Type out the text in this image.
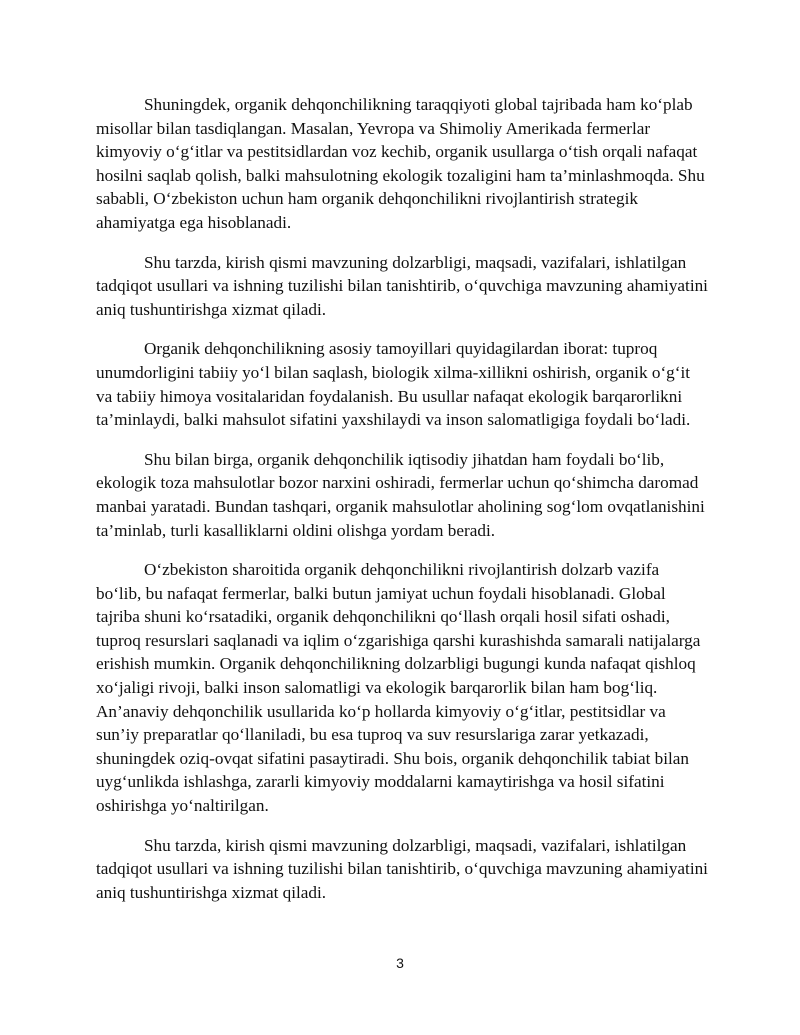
Shuningdek, organik dehqonchilikning taraqqiyoti global tajribada ham ko‘plab misollar bilan tasdiqlangan. Masalan, Yevropa va Shimoliy Amerikada fermerlar kimyoviy o‘g‘itlar va pestitsidlardan voz kechib, organik usullarga o‘tish orqali nafaqat hosilni saqlab qolish, balki mahsulotning ekologik tozaligini ham ta’minlashmoqda. Shu sababli, O‘zbekiston uchun ham organik dehqonchilikni rivojlantirish strategik ahamiyatga ega hisoblanadi.

Shu tarzda, kirish qismi mavzuning dolzarbligi, maqsadi, vazifalari, ishlatilgan tadqiqot usullari va ishning tuzilishi bilan tanishtirib, o‘quvchiga mavzuning ahamiyatini aniq tushuntirishga xizmat qiladi.

Organik dehqonchilikning asosiy tamoyillari quyidagilardan iborat: tuproq unumdorligini tabiiy yo‘l bilan saqlash, biologik xilma-xillikni oshirish, organik o‘g‘it va tabiiy himoya vositalaridan foydalanish. Bu usullar nafaqat ekologik barqarorlikni ta’minlaydi, balki mahsulot sifatini yaxshilaydi va inson salomatligiga foydali bo‘ladi.

Shu bilan birga, organik dehqonchilik iqtisodiy jihatdan ham foydali bo‘lib, ekologik toza mahsulotlar bozor narxini oshiradi, fermerlar uchun qo‘shimcha daromad manbai yaratadi. Bundan tashqari, organik mahsulotlar aholining sog‘lom ovqatlanishini ta’minlab, turli kasalliklarni oldini olishga yordam beradi.

O‘zbekiston sharoitida organik dehqonchilikni rivojlantirish dolzarb vazifa bo‘lib, bu nafaqat fermerlar, balki butun jamiyat uchun foydali hisoblanadi. Global tajriba shuni ko‘rsatadiki, organik dehqonchilikni qo‘llash orqali hosil sifati oshadi, tuproq resurslari saqlanadi va iqlim o‘zgarishiga qarshi kurashishda samarali natijalarga erishish mumkin. Organik dehqonchilikning dolzarbligi bugungi kunda nafaqat qishloq xo‘jaligi rivoji, balki inson salomatligi va ekologik barqarorlik bilan ham bog‘liq. An’anaviy dehqonchilik usullarida ko‘p hollarda kimyoviy o‘g‘itlar, pestitsidlar va sun’iy preparatlar qo‘llaniladi, bu esa tuproq va suv resurslariga zarar yetkazadi, shuningdek oziq-ovqat sifatini pasaytiradi. Shu bois, organik dehqonchilik tabiat bilan uyg‘unlikda ishlashga, zararli kimyoviy moddalarni kamaytirishga va hosil sifatini oshirishga yo‘naltirilgan.

Shu tarzda, kirish qismi mavzuning dolzarbligi, maqsadi, vazifalari, ishlatilgan tadqiqot usullari va ishning tuzilishi bilan tanishtirib, o‘quvchiga mavzuning ahamiyatini aniq tushuntirishga xizmat qiladi.

3
